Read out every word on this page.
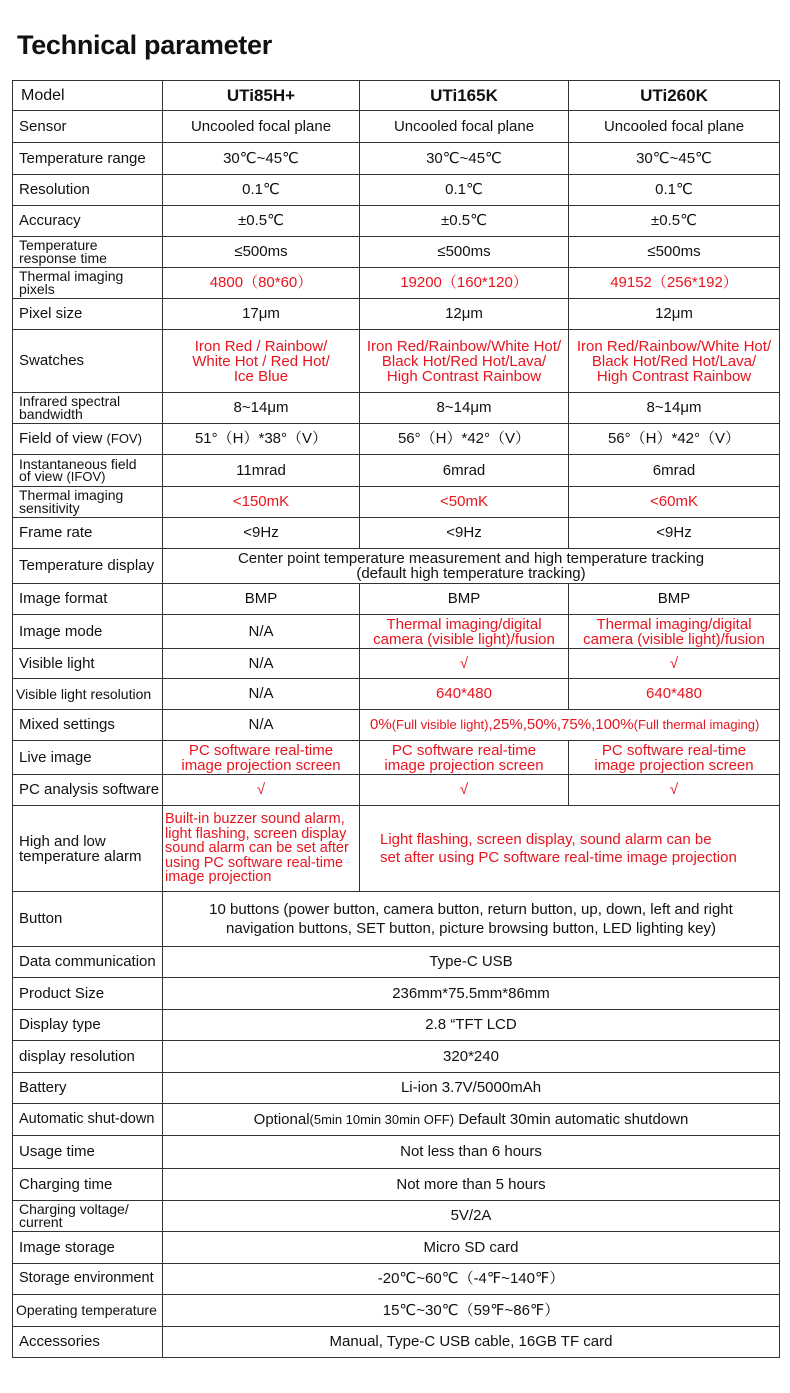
Technical parameter
Model	UTi85H+	UTi165K	UTi260K
Sensor	Uncooled focal plane	Uncooled focal plane	Uncooled focal plane
Temperature range	30℃~45℃	30℃~45℃	30℃~45℃
Resolution	0.1℃	0.1℃	0.1℃
Accuracy	±0.5℃	±0.5℃	±0.5℃
Temperature
response time	≤500ms	≤500ms	≤500ms
Thermal imaging
pixels	4800（80*60）	19200（160*120）	49152（256*192）
Pixel size	17μm	12μm	12μm
Swatches	Iron Red / Rainbow/
White Hot / Red Hot/
Ice Blue	Iron Red/Rainbow/White Hot/
Black Hot/Red Hot/Lava/
High Contrast Rainbow	Iron Red/Rainbow/White Hot/
Black Hot/Red Hot/Lava/
High Contrast Rainbow
Infrared spectral
bandwidth	8~14μm	8~14μm	8~14μm
Field of view (FOV)	51°（H）*38°（V）	56°（H）*42°（V）	56°（H）*42°（V）
Instantaneous field
of view (IFOV)	11mrad	6mrad	6mrad
Thermal imaging
sensitivity	<150mK	<50mK	<60mK
Frame rate	<9Hz	<9Hz	<9Hz
Temperature display	Center point temperature measurement and high temperature tracking
(default high temperature tracking)		
Image format	BMP	BMP	BMP
Image mode	N/A	Thermal imaging/digital
camera (visible light)/fusion	Thermal imaging/digital
camera (visible light)/fusion
Visible light	N/A	√	√
Visible light resolution	N/A	640*480	640*480
Mixed settings	N/A	0%(Full visible light),25%,50%,75%,100%(Full thermal imaging)	
Live image	PC software real-time
image projection screen	PC software real-time
image projection screen	PC software real-time
image projection screen
PC analysis software	√	√	√
High and low
temperature alarm	Built-in buzzer sound alarm,
light flashing, screen display
sound alarm can be set after
using PC software real-time
image projection	Light flashing, screen display, sound alarm can be
set after using PC software real-time image projection	
Button	10 buttons (power button, camera button, return button, up, down, left and right
navigation buttons, SET button, picture browsing button, LED lighting key)		
Data communication	Type-C USB		
Product Size	236mm*75.5mm*86mm		
Display type	2.8 “TFT LCD		
display resolution	320*240		
Battery	Li-ion 3.7V/5000mAh		
Automatic shut-down	Optional(5min 10min 30min OFF) Default 30min automatic shutdown		
Usage time	Not less than 6 hours		
Charging time	Not more than 5 hours		
Charging voltage/
current	5V/2A		
Image storage	Micro SD card		
Storage environment	-20℃~60℃（-4℉~140℉）		
Operating temperature	15℃~30℃（59℉~86℉）		
Accessories	Manual, Type-C USB cable, 16GB TF card		
